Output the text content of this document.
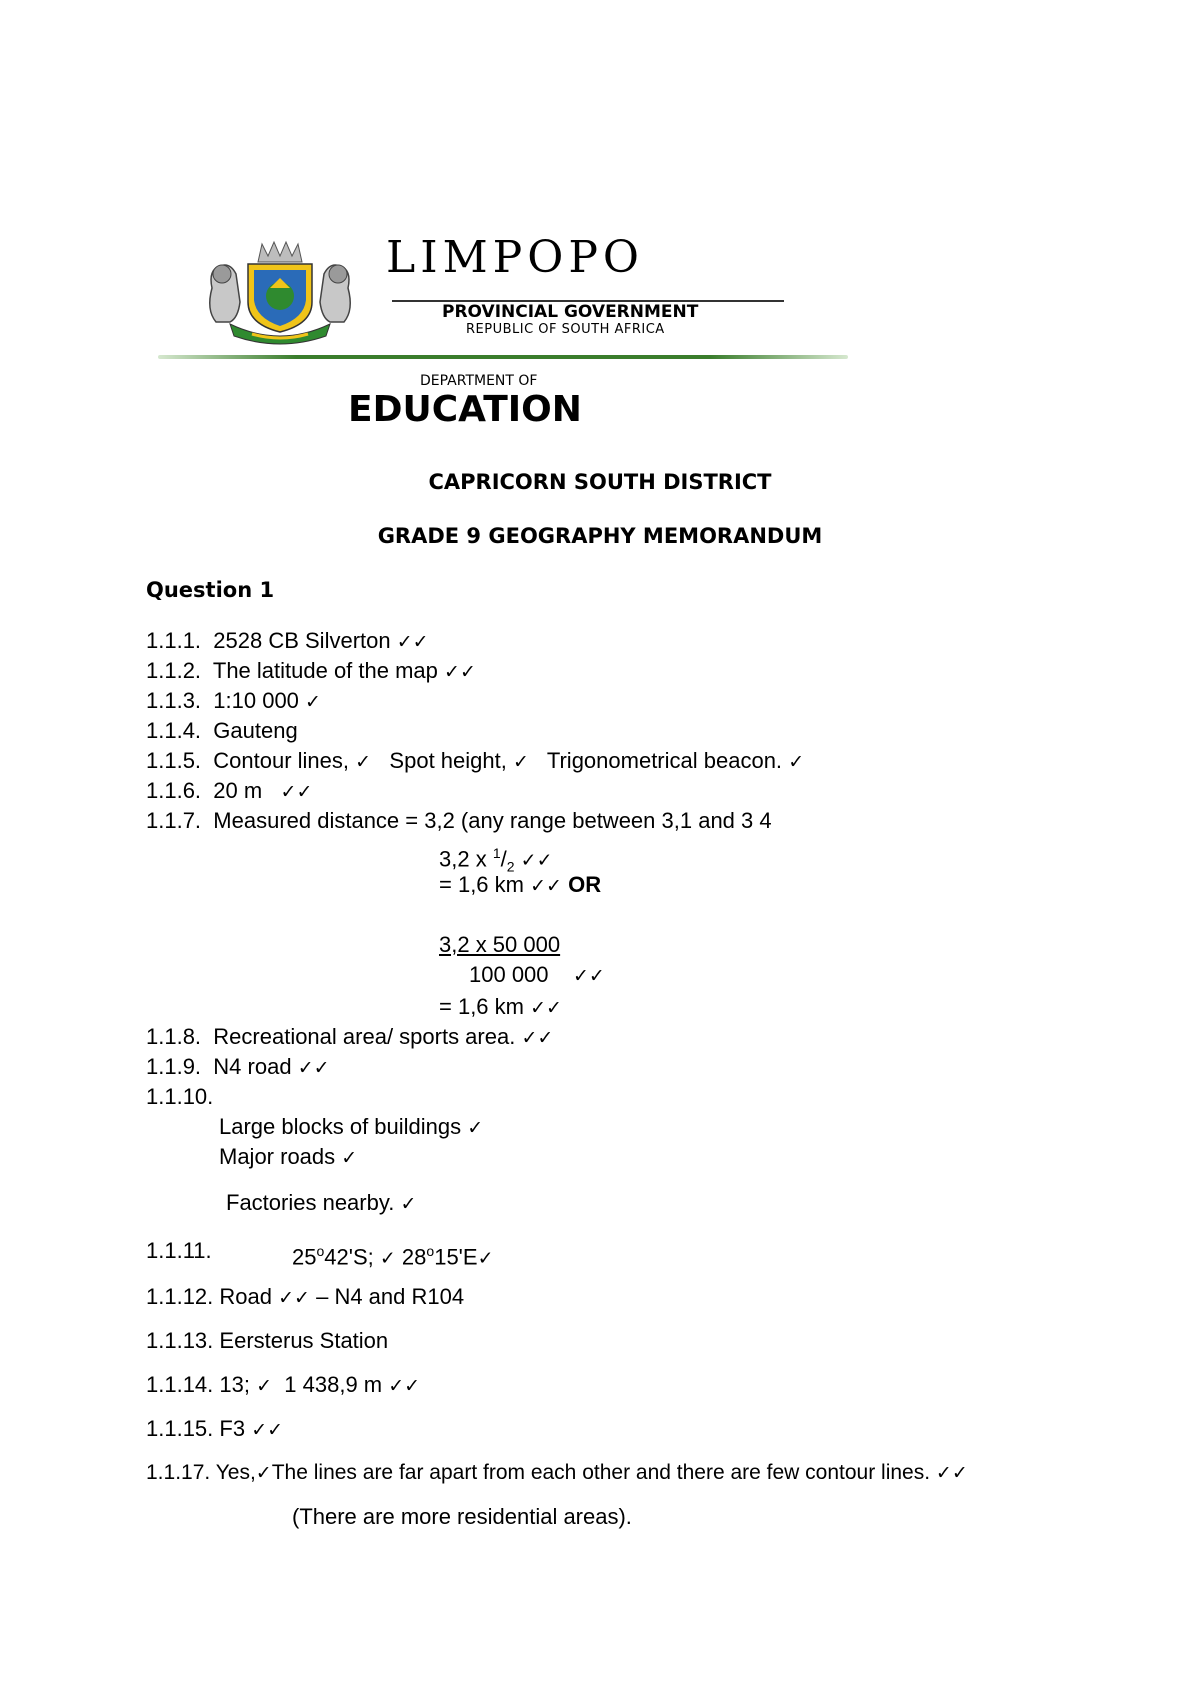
LIMPOPO
PROVINCIAL GOVERNMENT
REPUBLIC OF SOUTH AFRICA
DEPARTMENT OF
EDUCATION
CAPRICORN SOUTH DISTRICT
GRADE 9 GEOGRAPHY MEMORANDUM
Question 1
1.1.1. 2528 CB Silverton ✓✓
1.1.2. The latitude of the map ✓✓
1.1.3. 1:10 000 ✓
1.1.4. Gauteng
1.1.5. Contour lines, ✓ Spot height, ✓ Trigonometrical beacon. ✓
1.1.6. 20 m ✓✓
1.1.7. Measured distance = 3,2 (any range between 3,1 and 3 4
3,2 x $^1/_2$ ✓✓
= 1,6 km ✓✓ OR
3,2 x 50 000
100 000 ✓✓
= 1,6 km ✓✓
1.1.8. Recreational area/ sports area. ✓✓
1.1.9. N4 road ✓✓
1.1.10.
Large blocks of buildings ✓
Major roads ✓
Factories nearby. ✓
1.1.11.	25$^o$42'S; ✓ 28$^o$15'E✓
1.1.12. Road ✓✓ – N4 and R104
1.1.13. Eersterus Station
1.1.14. 13; ✓ 1 438,9 m ✓✓
1.1.15. F3 ✓✓
1.1.17. Yes,✓The lines are far apart from each other and there are few contour lines. ✓✓
(There are more residential areas).
